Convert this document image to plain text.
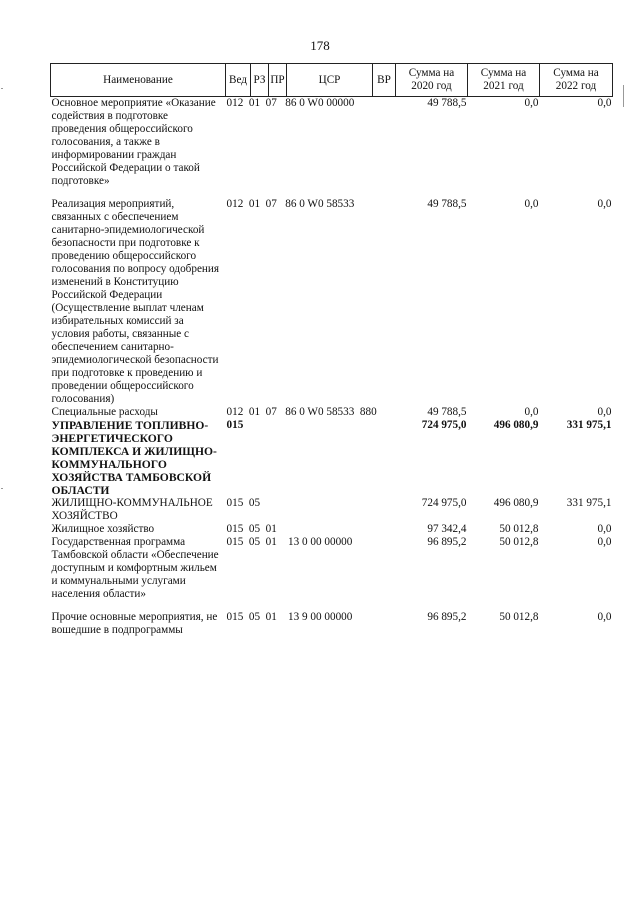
178
Наименование	Вед	РЗ	ПР	ЦСР	ВР	Сумма на 2020 год	Сумма на 2021 год	Сумма на 2022 год
Основное мероприятие «Оказание содействия в подготовке проведения общероссийского голосования, а также в информировании граждан Российской Федерации о такой подготовке»	012  01  07   86 0 W0 00000					49 788,5	0,0	0,0
Реализация мероприятий, связанных с обеспечением санитарно-эпидемиологической безопасности при подготовке к проведению общероссийского голосования по вопросу одобрения изменений в Конституцию Российской Федерации (Осуществление выплат членам избирательных комиссий за условия работы, связанные с обеспечением санитарно-эпидемиологической безопасности при подготовке к проведению и проведении общероссийского голосования)	012  01  07   86 0 W0 58533					49 788,5	0,0	0,0
Специальные расходы	012  01  07   86 0 W0 58533  880					49 788,5	0,0	0,0
УПРАВЛЕНИЕ ТОПЛИВНО-ЭНЕРГЕТИЧЕСКОГО КОМПЛЕКСА И ЖИЛИЩНО-КОММУНАЛЬНОГО ХОЗЯЙСТВА ТАМБОВСКОЙ ОБЛАСТИ	015					724 975,0	496 080,9	331 975,1
ЖИЛИЩНО-КОММУНАЛЬНОЕ ХОЗЯЙСТВО	015  05					724 975,0	496 080,9	331 975,1
Жилищное хозяйство	015  05  01					97 342,4	50 012,8	0,0
Государственная программа Тамбовской области «Обеспечение доступным и комфортным жильем и коммунальными услугами населения области»	015  05  01    13 0 00 00000					96 895,2	50 012,8	0,0
Прочие основные мероприятия, не вошедшие в подпрограммы	015  05  01    13 9 00 00000					96 895,2	50 012,8	0,0
